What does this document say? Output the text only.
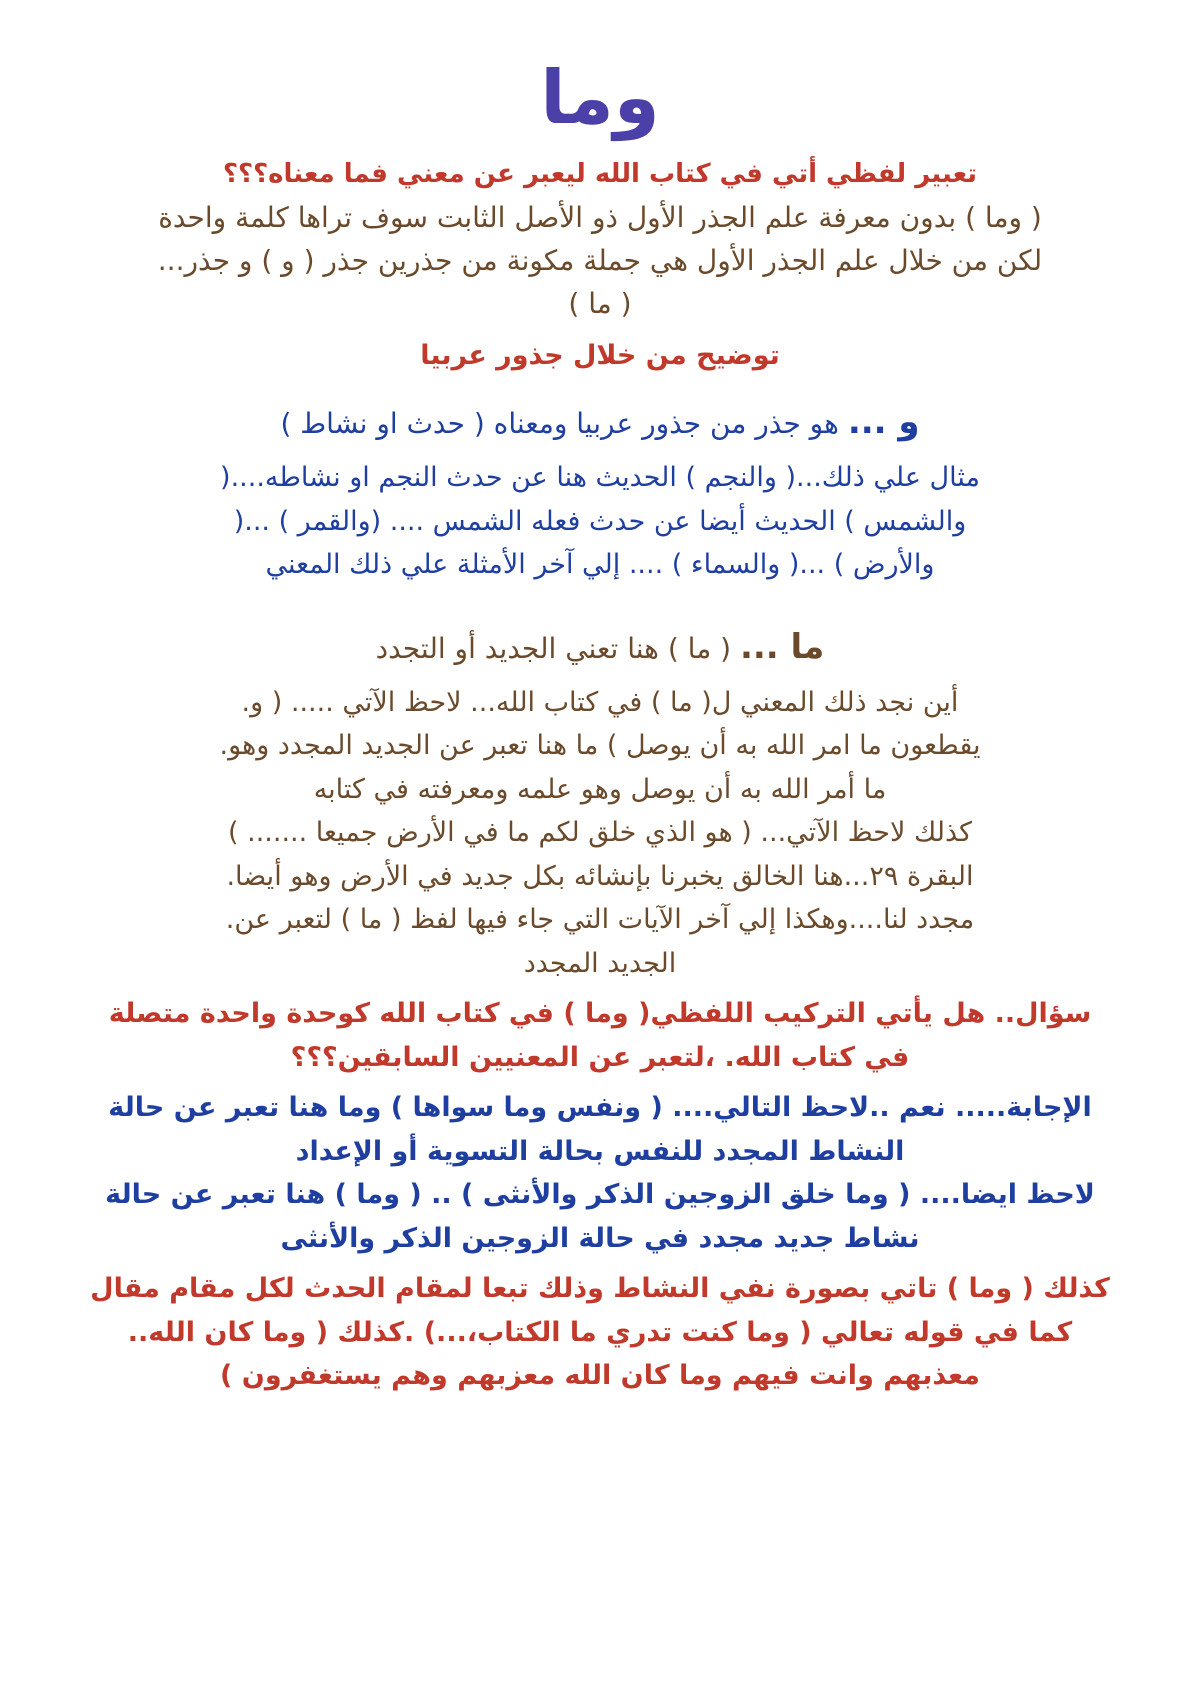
وما
تعبير لفظي أتي في كتاب الله ليعبر عن معني فما معناه؟؟؟
( وما ) بدون معرفة علم الجذر الأول ذو الأصل الثابت سوف تراها كلمة واحدة
لكن من خلال علم الجذر الأول هي جملة مكونة من جذرين جذر ( و ) و جذر...
( ما )
توضيح من خلال جذور عربيا
و ... هو جذر من جذور عربيا ومعناه ( حدث او نشاط )
مثال علي ذلك...( والنجم ) الحديث هنا عن حدث النجم او نشاطه....(
والشمس ) الحديث أيضا عن حدث فعله الشمس .... (والقمر ) ...(
والأرض ) ...( والسماء ) .... إلي آخر الأمثلة علي ذلك المعني
ما ... ( ما ) هنا تعني الجديد أو التجدد
أين نجد ذلك المعني ل( ما ) في كتاب الله... لاحظ الآتي ..... ( و.
يقطعون ما امر الله به أن يوصل ) ما هنا تعبر عن الجديد المجدد وهو.
ما أمر الله به أن يوصل وهو علمه ومعرفته في كتابه
كذلك لاحظ الآتي... ( هو الذي خلق لكم ما في الأرض جميعا ....... )
البقرة ٢٩...هنا الخالق يخبرنا بإنشائه بكل جديد في الأرض وهو أيضا.
مجدد لنا....وهكذا إلي آخر الآيات التي جاء فيها لفظ ( ما ) لتعبر عن.
الجديد المجدد
سؤال.. هل يأتي التركيب اللفظي( وما ) في كتاب الله كوحدة واحدة متصلة
في كتاب الله. ،لتعبر عن المعنيين السابقين؟؟؟
الإجابة..... نعم ..لاحظ التالي.... ( ونفس وما سواها ) وما هنا تعبر عن حالة
النشاط المجدد للنفس بحالة التسوية أو الإعداد
لاحظ ايضا.... ( وما خلق الزوجين الذكر والأنثى ) .. ( وما ) هنا تعبر عن حالة
نشاط جديد مجدد في حالة الزوجين الذكر والأنثى
كذلك ( وما ) تاتي بصورة نفي النشاط وذلك تبعا لمقام الحدث لكل مقام مقال
كما في قوله تعالي ( وما كنت تدري ما الكتاب،...) .كذلك ( وما كان الله..
معذبهم وانت فيهم وما كان الله معزبهم وهم يستغفرون )
